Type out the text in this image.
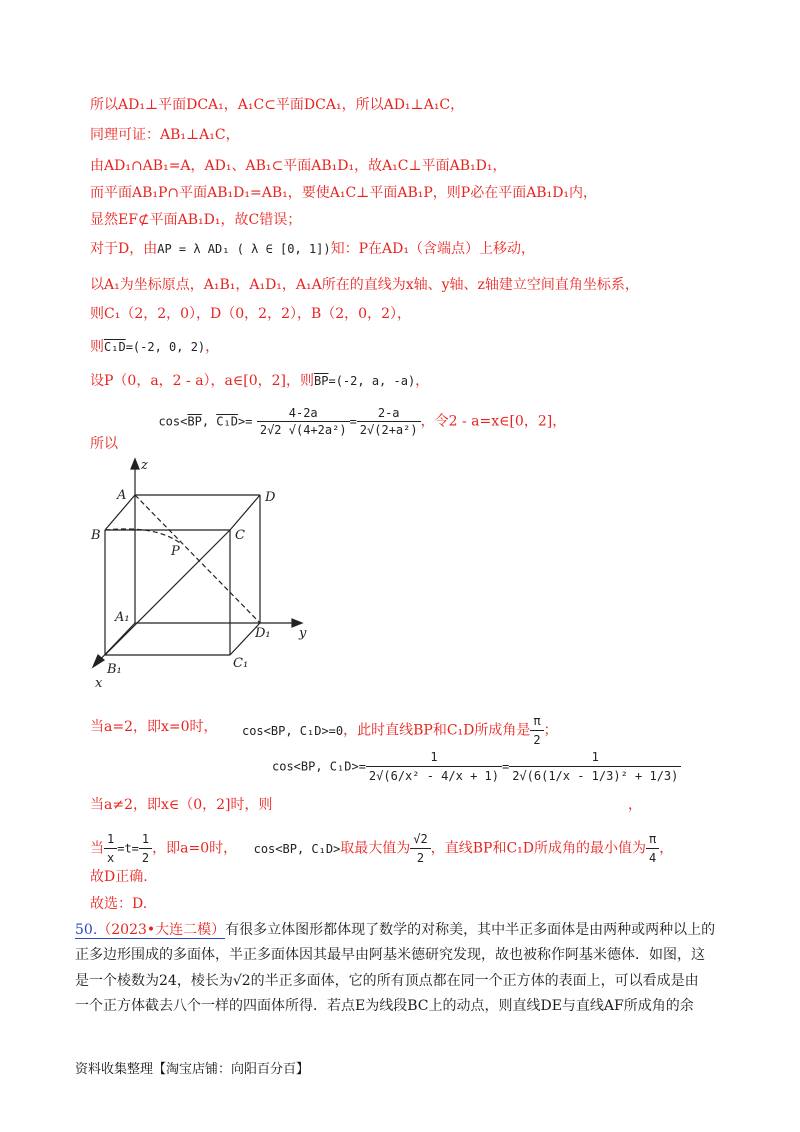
所以AD₁⊥平面DCA₁，A₁C⊂平面DCA₁，所以AD₁⊥A₁C，
同理可证：AB₁⊥A₁C，
由AD₁∩AB₁=A，AD₁、AB₁⊂平面AB₁D₁，故A₁C⊥平面AB₁D₁，
而平面AB₁P∩平面AB₁D₁=AB₁，要使A₁C⊥平面AB₁P，则P必在平面AB₁D₁内，
显然EF⊄平面AB₁D₁，故C错误；
对于D，由AP = λ AD₁ ( λ ∈ [0, 1])知：P在AD₁（含端点）上移动，
以A₁为坐标原点，A₁B₁，A₁D₁，A₁A所在的直线为x轴、y轴、z轴建立空间直角坐标系，
则C₁（2，2，0），D（0，2，2），B（2，0，2），
则C₁D=(-2, 0, 2)，
设P（0，a，2 - a），a∈[0，2]，则$\overline{BP}=(-2$, a, -a)，
所以 $\cos<\overline{BP}$, $C_1D>= \frac{4-2a}{\text{2√2 √(4+2a²)}} = \frac{2-a}{\text{2√(2+a²)}}$ ，令2 - a=x∈[0，2]，
z
A	D
B	C
P
A₁
D₁ y
B₁	C₁
x
当a=2，即x=0时， cos<BP, C₁D>=0，此时直线BP和C₁D所成角是 $\frac{\pi}{2}$ ；
cos<BP, $C_1D>= \frac{1}{\text{2√(6/x² - 4/x + 1)}} = \frac{1}{\text{2√(6(1/x - 1/3)² + 1/3)}}$
当a≠2，即x∈（0，2]时，则	，
当 $\frac{1}{x} =t= \frac{1}{2}$ ，即a=0时， cos<BP, C₁D>取最大值为 $\frac{√2}{2}$ ，直线BP和C₁D所成角的最小值为 $\frac{\pi}{4}$ ，
故D正确.
故选：D.
50.（2023•大连二模）有很多立体图形都体现了数学的对称美，其中半正多面体是由两种或两种以上的
正多边形围成的多面体，半正多面体因其最早由阿基米德研究发现，故也被称作阿基米德体．如图，这
是一个棱数为24，棱长为√2的半正多面体，它的所有顶点都在同一个正方体的表面上，可以看成是由
一个正方体截去八个一样的四面体所得．若点E为线段BC上的动点，则直线DE与直线AF所成角的余
资料收集整理【淘宝店铺：向阳百分百】
